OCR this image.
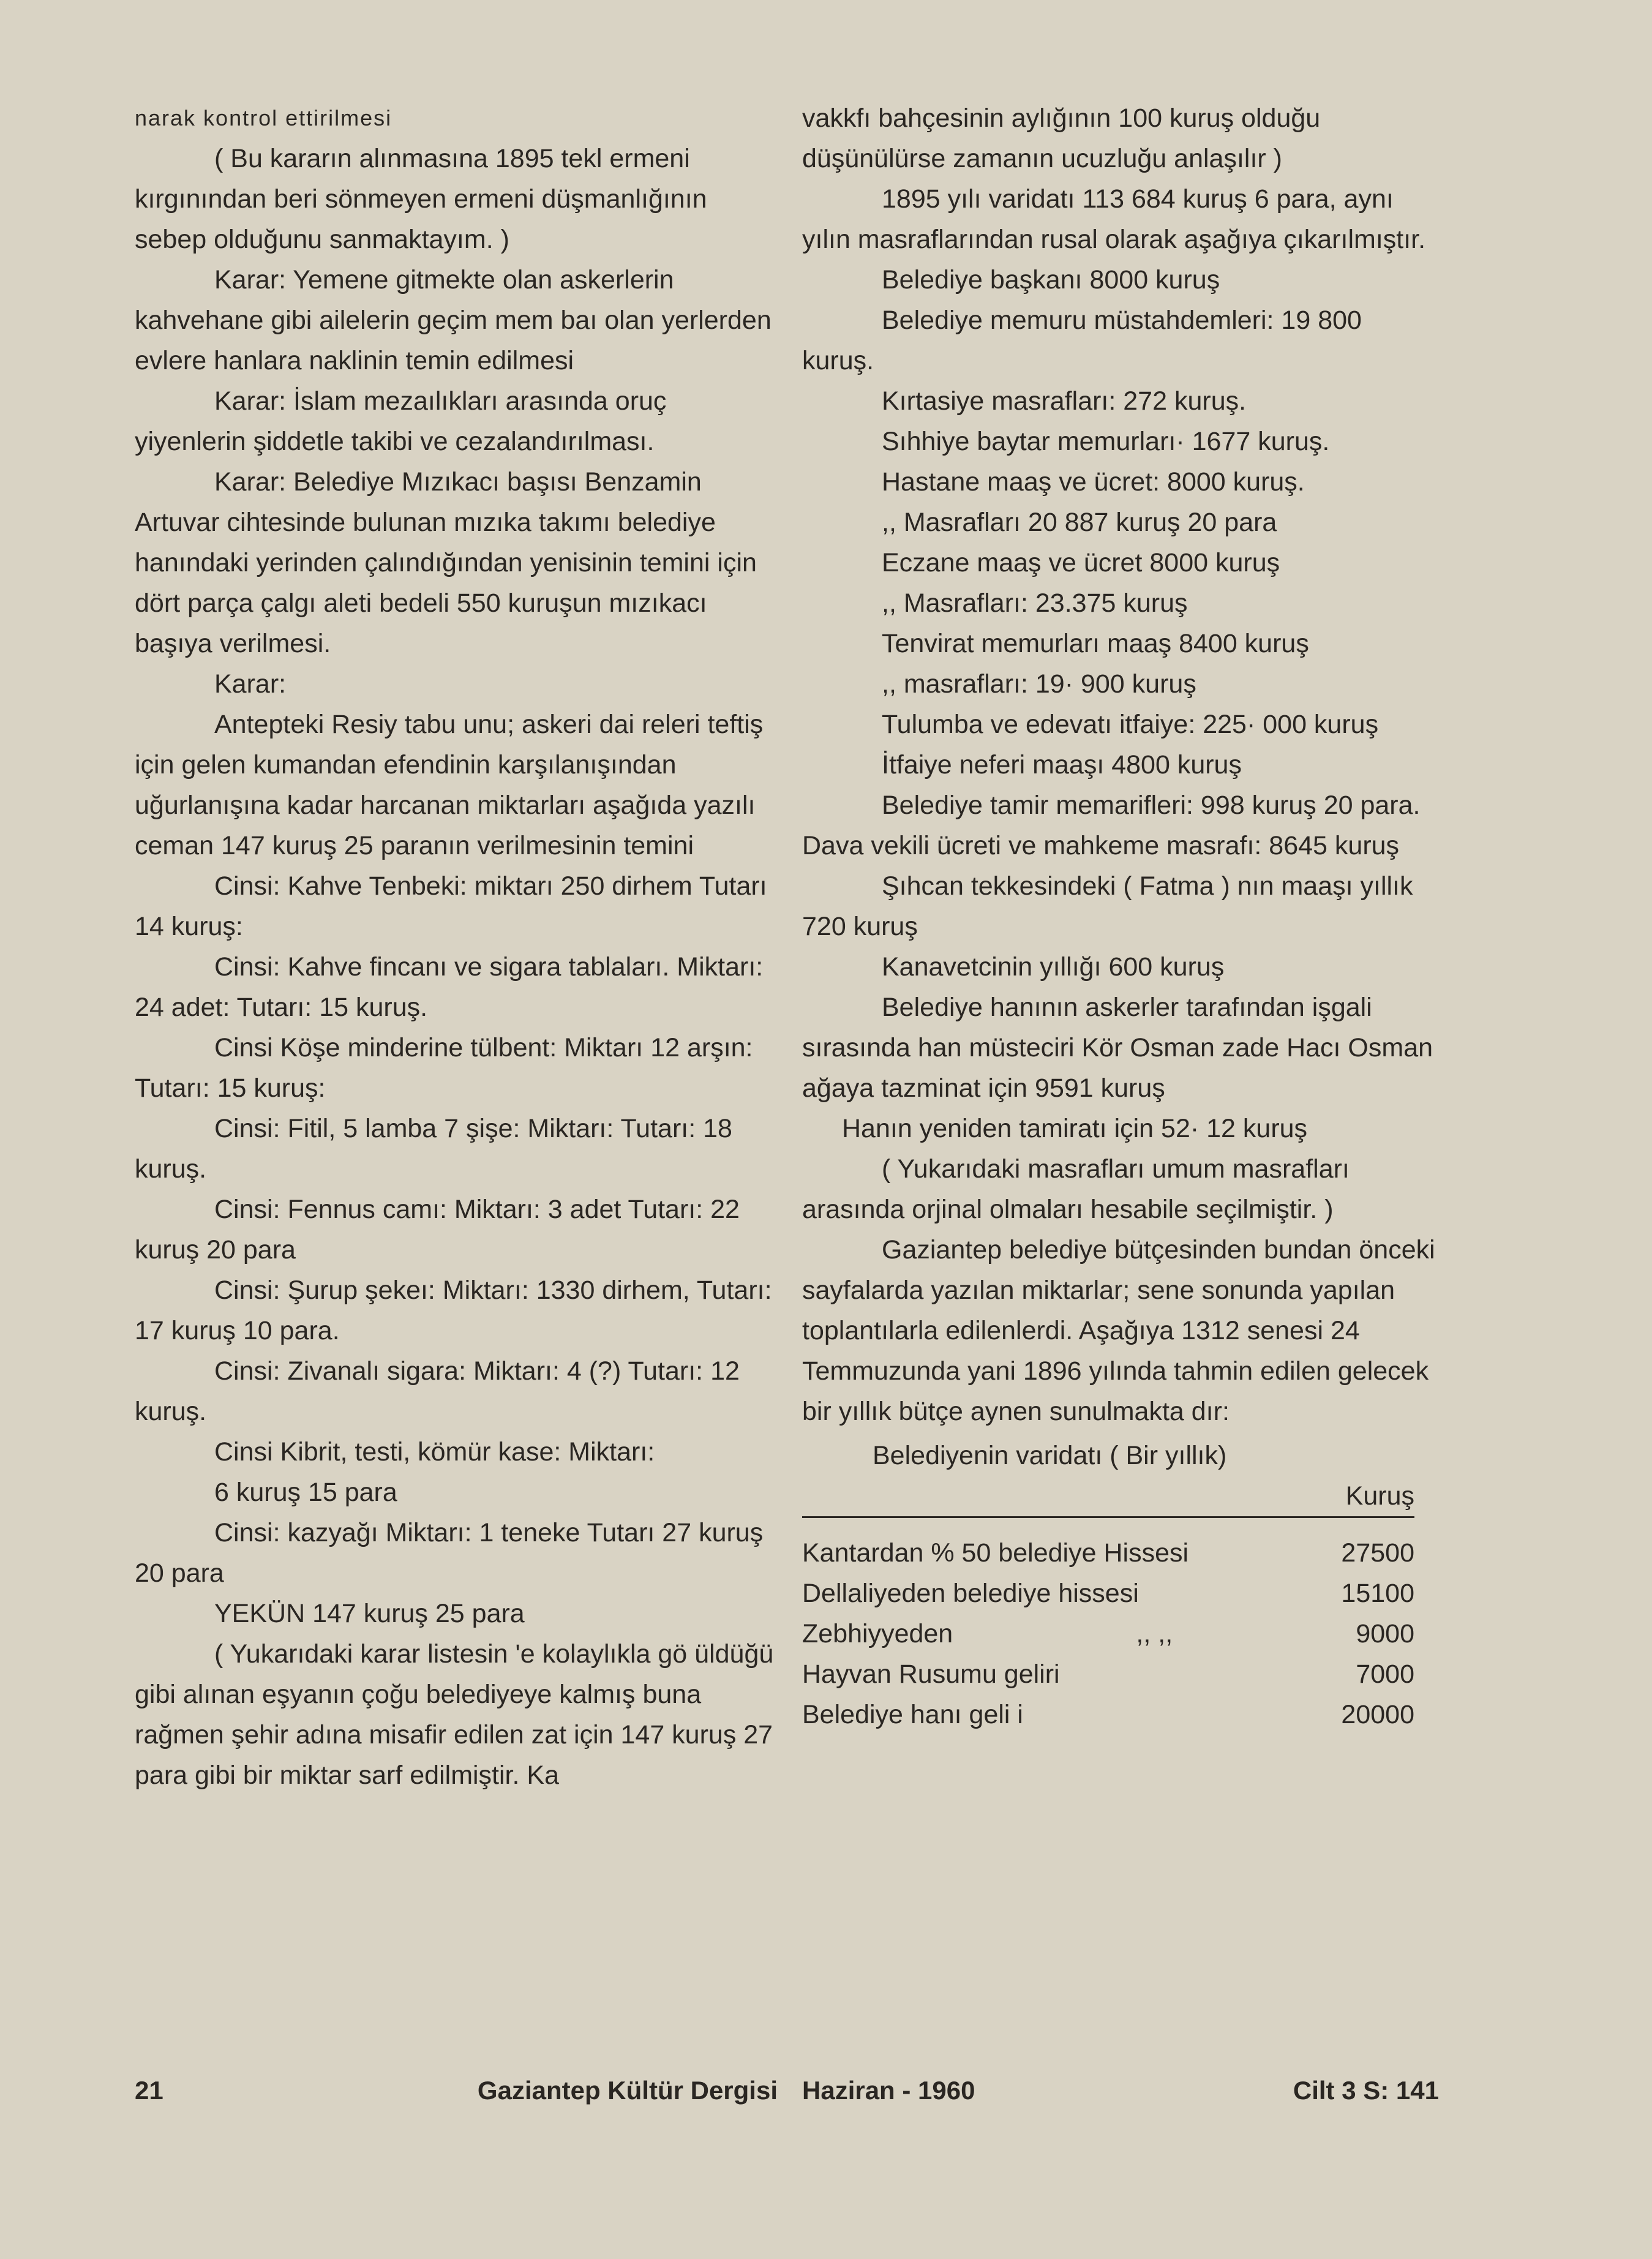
narak kontrol ettirilmesi

( Bu kararın alınmasına 1895 tekl ermeni kırgınından beri sönmeyen ermeni düşmanlığının sebep olduğunu sanmaktayım. )

Karar: Yemene gitmekte olan askerlerin kahvehane gibi ailelerin geçim mem baı olan yerlerden evlere hanlara naklinin temin edilmesi

Karar: İslam mezaılıkları arasında oruç yiyenlerin şiddetle takibi ve cezalandırılması.

Karar: Belediye Mızıkacı başısı Benzamin Artuvar cihtesinde bulunan mızıka takımı belediye hanındaki yerinden çalındığından yenisinin temini için dört parça çalgı aleti bedeli 550 kuruşun mızıkacı başıya verilmesi.

Karar:

Antepteki Resiy tabu unu; askeri dai releri teftiş için gelen kumandan efendinin karşılanışından uğurlanışına kadar harcanan miktarları aşağıda yazılı ceman 147 kuruş 25 paranın verilmesinin temini

Cinsi: Kahve Tenbeki: miktarı 250 dirhem Tutarı 14 kuruş:

Cinsi: Kahve fincanı ve sigara tablaları. Miktarı: 24 adet: Tutarı: 15 kuruş.

Cinsi Köşe minderine tülbent: Miktarı 12 arşın: Tutarı: 15 kuruş:

Cinsi: Fitil, 5 lamba 7 şişe: Miktarı: Tutarı: 18 kuruş.

Cinsi: Fennus camı: Miktarı: 3 adet Tutarı: 22 kuruş 20 para

Cinsi: Şurup şekeı: Miktarı: 1330 dirhem, Tutarı: 17 kuruş 10 para.

Cinsi: Zivanalı sigara: Miktarı: 4 (?) Tutarı: 12 kuruş.

Cinsi Kibrit, testi, kömür kase: Miktarı:

6 kuruş 15 para

Cinsi: kazyağı Miktarı: 1 teneke Tutarı 27 kuruş 20 para

YEKÜN 147 kuruş 25 para

( Yukarıdaki karar listesin 'e kolaylıkla gö üldüğü gibi alınan eşyanın çoğu belediyeye kalmış buna rağmen şehir adına misafir edilen zat için 147 kuruş 27 para gibi bir miktar sarf edilmiştir. Ka

vakkfı bahçesinin aylığının 100 kuruş olduğu düşünülürse zamanın ucuzluğu anlaşılır )

1895 yılı varidatı 113 684 kuruş 6 para, aynı yılın masraflarından rusal olarak aşağıya çıkarılmıştır.

Belediye başkanı 8000 kuruş

Belediye memuru müstahdemleri: 19 800 kuruş.

Kırtasiye masrafları: 272 kuruş.

Sıhhiye baytar memurları· 1677 kuruş.

Hastane maaş ve ücret: 8000 kuruş.

,, Masrafları 20 887 kuruş 20 para

Eczane maaş ve ücret 8000 kuruş

,, Masrafları: 23.375 kuruş

Tenvirat memurları maaş 8400 kuruş

,, masrafları: 19· 900 kuruş

Tulumba ve edevatı itfaiye: 225· 000 kuruş

İtfaiye neferi maaşı 4800 kuruş

Belediye tamir memarifleri: 998 kuruş 20 para. Dava vekili ücreti ve mahkeme masrafı: 8645 kuruş

Şıhcan tekkesindeki ( Fatma ) nın maaşı yıllık 720 kuruş

Kanavetcinin yıllığı 600 kuruş

Belediye hanının askerler tarafından işgali sırasında han müsteciri Kör Osman zade Hacı Osman ağaya tazminat için 9591 kuruş

Hanın yeniden tamiratı için 52· 12 kuruş

( Yukarıdaki masrafları umum masrafları arasında orjinal olmaları hesabile seçilmiştir. )

Gaziantep belediye bütçesinden bundan önceki sayfalarda yazılan miktarlar; sene sonunda yapılan toplantılarla edilenlerdi. Aşağıya 1312 senesi 24 Temmuzunda yani 1896 yılında tahmin edilen gelecek bir yıllık bütçe aynen sunulmakta dır:

Belediyenin varidatı ( Bir yıllık)
Kuruş
Kantardan % 50 belediye Hissesi	27500
Dellaliyeden belediye hissesi	15100
Zebhiyyeden	,, ,,	9000
Hayvan Rusumu geliri	7000
Belediye hanı geli i	20000
21	Gaziantep Kültür Dergisi Haziran - 1960	Cilt 3 S: 141
